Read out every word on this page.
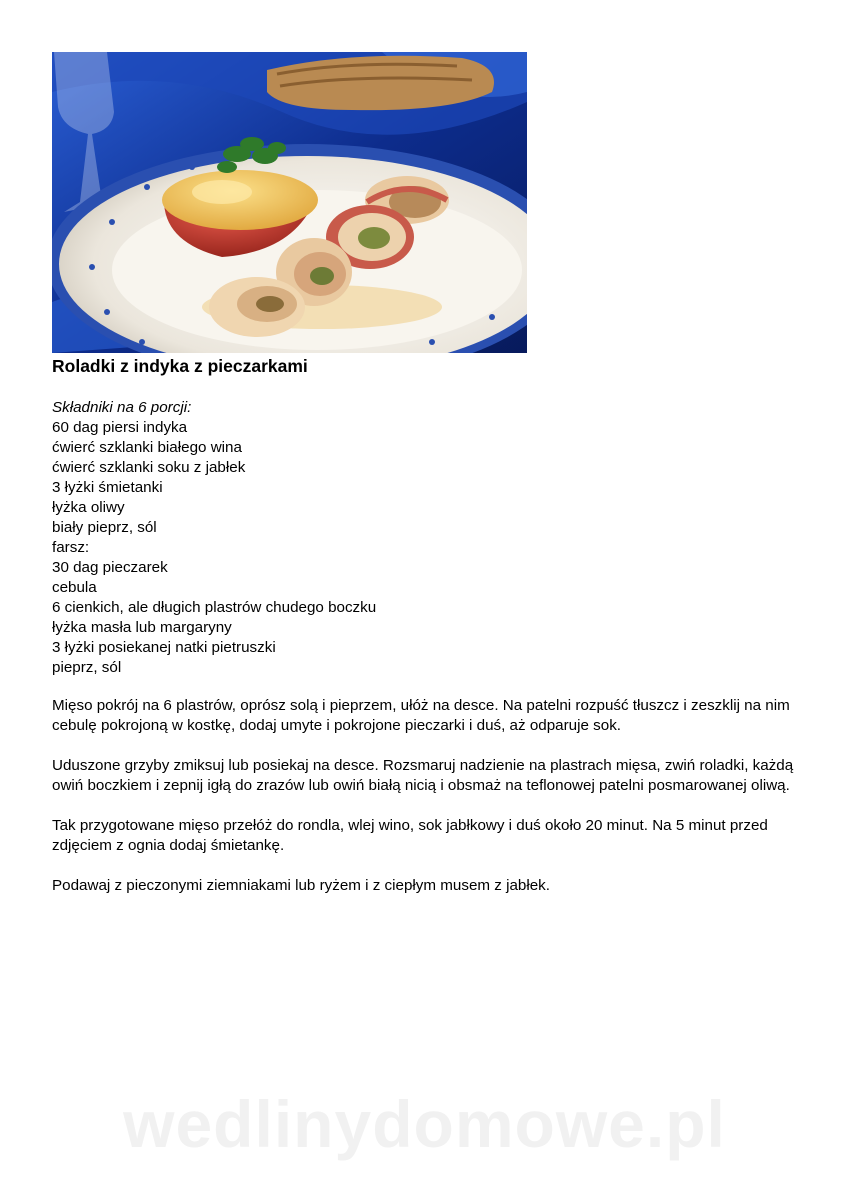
Roladki z indyka z pieczarkami
Składniki na 6 porcji:
60 dag piersi indyka
ćwierć szklanki białego wina
ćwierć szklanki soku z jabłek
3 łyżki śmietanki
łyżka oliwy
biały pieprz, sól
farsz:
30 dag pieczarek
cebula
6 cienkich, ale długich plastrów chudego boczku
łyżka masła lub margaryny
3 łyżki posiekanej natki pietruszki
pieprz, sól

Mięso pokrój na 6 plastrów, oprósz solą i pieprzem, ułóż na desce. Na patelni rozpuść tłuszcz i zeszklij na nim cebulę pokrojoną w kostkę, dodaj umyte i pokrojone pieczarki i duś, aż odparuje sok.

Uduszone grzyby zmiksuj lub posiekaj na desce. Rozsmaruj nadzienie na plastrach mięsa, zwiń roladki, każdą owiń boczkiem i zepnij igłą do zrazów lub owiń białą nicią i obsmaż na teflonowej patelni posmarowanej oliwą.

Tak przygotowane mięso przełóż do rondla, wlej wino, sok jabłkowy i duś około 20 minut. Na 5 minut przed zdjęciem z ognia dodaj śmietankę.

Podawaj z pieczonymi ziemniakami lub ryżem i z ciepłym musem z jabłek.

wedlinydomowe.pl
